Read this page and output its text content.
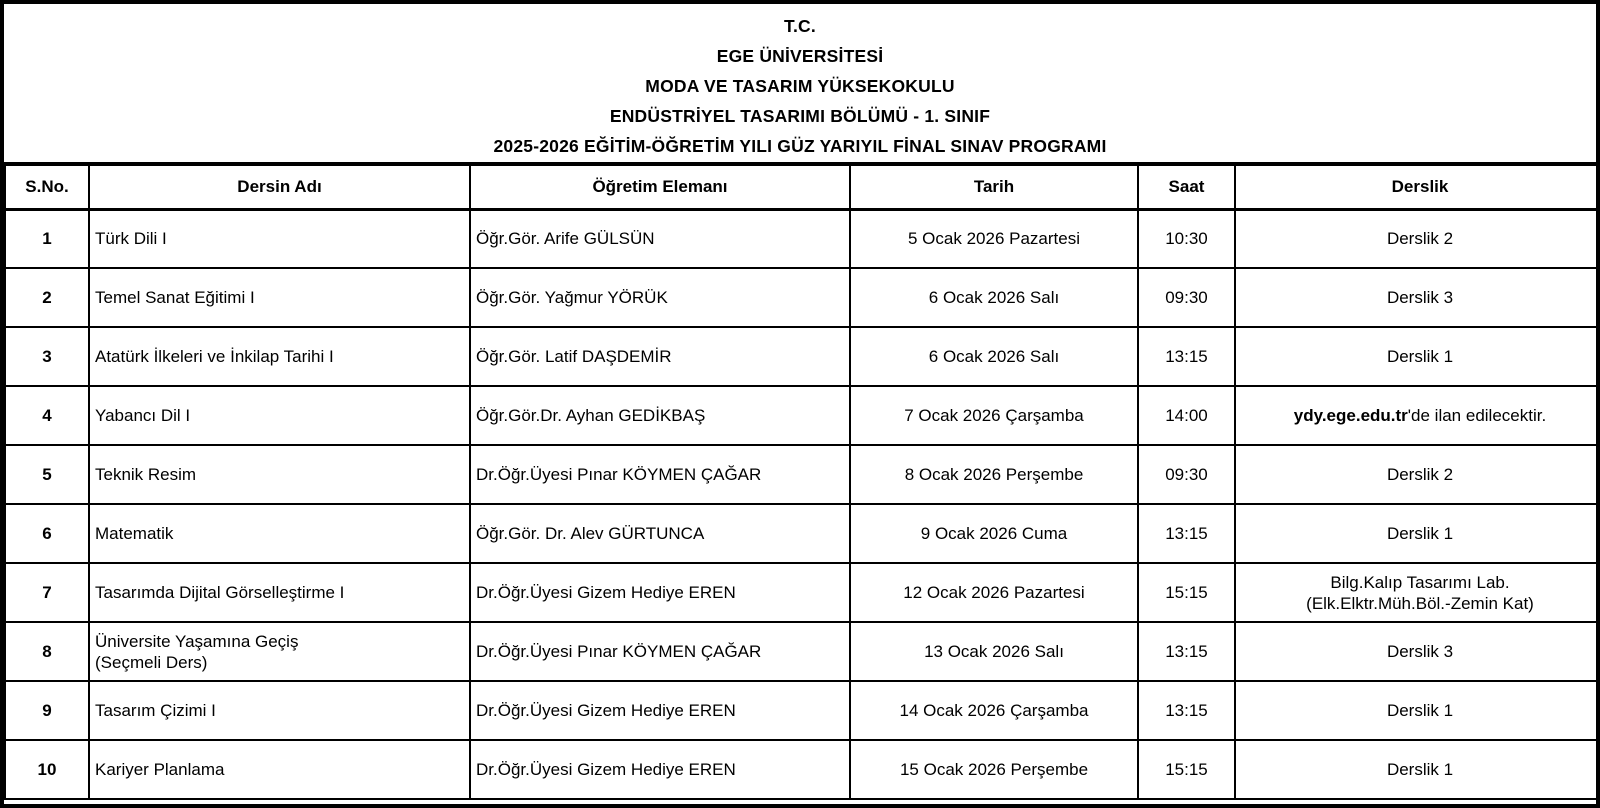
T.C.
EGE ÜNİVERSİTESİ
MODA VE TASARIM YÜKSEKOKULU
ENDÜSTRİYEL TASARIMI BÖLÜMÜ - 1. SINIF
2025-2026 EĞİTİM-ÖĞRETİM YILI GÜZ YARIYIL FİNAL SINAV PROGRAMI
S.No.	Dersin Adı	Öğretim Elemanı	Tarih	Saat	Derslik
1	Türk Dili I	Öğr.Gör. Arife GÜLSÜN	5 Ocak 2026 Pazartesi	10:30	Derslik 2

2	Temel Sanat Eğitimi I	Öğr.Gör. Yağmur YÖRÜK	6 Ocak 2026 Salı	09:30	Derslik 3

3	Atatürk İlkeleri ve İnkilap Tarihi I	Öğr.Gör. Latif DAŞDEMİR	6 Ocak 2026 Salı	13:15	Derslik 1

4	Yabancı Dil I	Öğr.Gör.Dr. Ayhan GEDİKBAŞ	7 Ocak 2026 Çarşamba	14:00	ydy.ege.edu.tr'de ilan edilecektir.
5	Teknik Resim	Dr.Öğr.Üyesi Pınar KÖYMEN ÇAĞAR	8 Ocak 2026 Perşembe	09:30	Derslik 2

6	Matematik	Öğr.Gör. Dr. Alev GÜRTUNCA	9 Ocak 2026 Cuma	13:15	Derslik 1

7	Tasarımda Dijital Görselleştirme I	Dr.Öğr.Üyesi Gizem Hediye EREN	12 Ocak 2026 Pazartesi	15:15	Bilg.Kalıp Tasarımı Lab.
(Elk.Elktr.Müh.Böl.-Zemin Kat)

8	Üniversite Yaşamına Geçiş
(Seçmeli Ders)	Dr.Öğr.Üyesi Pınar KÖYMEN ÇAĞAR	13 Ocak 2026 Salı	13:15	Derslik 3

9	Tasarım Çizimi I	Dr.Öğr.Üyesi Gizem Hediye EREN	14 Ocak 2026 Çarşamba	13:15	Derslik 1

10	Kariyer Planlama	Dr.Öğr.Üyesi Gizem Hediye EREN	15 Ocak 2026 Perşembe	15:15	Derslik 1
